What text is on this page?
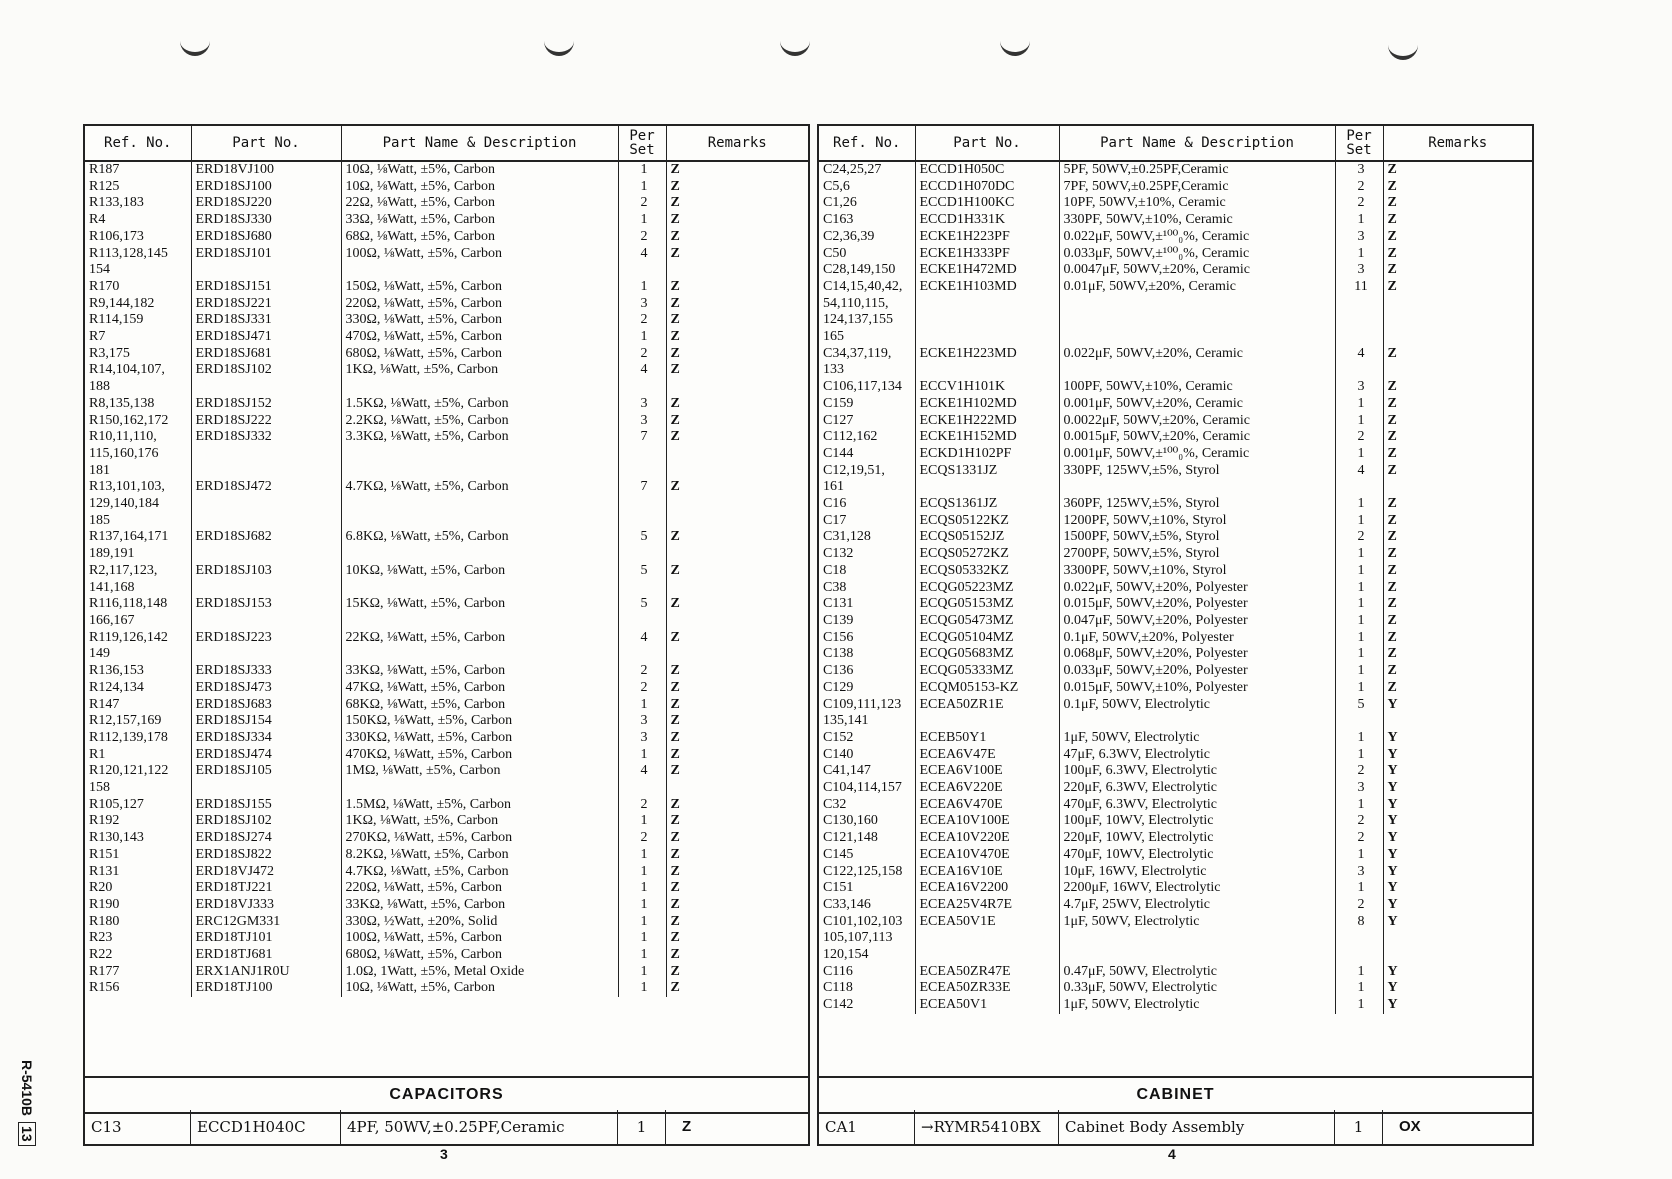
R-5410B13
Ref. No.	Part No.	Part Name & Description	Per
Set	Remarks
R187	ERD18VJ100	10Ω, ⅛Watt, ±5%, Carbon	1	Z
R125	ERD18SJ100	10Ω, ⅛Watt, ±5%, Carbon	1	Z
R133,183	ERD18SJ220	22Ω, ⅛Watt, ±5%, Carbon	2	Z
R4	ERD18SJ330	33Ω, ⅛Watt, ±5%, Carbon	1	Z
R106,173	ERD18SJ680	68Ω, ⅛Watt, ±5%, Carbon	2	Z
R113,128,145	ERD18SJ101	100Ω, ⅛Watt, ±5%, Carbon	4	Z
154				
R170	ERD18SJ151	150Ω, ⅛Watt, ±5%, Carbon	1	Z
R9,144,182	ERD18SJ221	220Ω, ⅛Watt, ±5%, Carbon	3	Z
R114,159	ERD18SJ331	330Ω, ⅛Watt, ±5%, Carbon	2	Z
R7	ERD18SJ471	470Ω, ⅛Watt, ±5%, Carbon	1	Z
R3,175	ERD18SJ681	680Ω, ⅛Watt, ±5%, Carbon	2	Z
R14,104,107,	ERD18SJ102	1KΩ, ⅛Watt, ±5%, Carbon	4	Z
188				
R8,135,138	ERD18SJ152	1.5KΩ, ⅛Watt, ±5%, Carbon	3	Z
R150,162,172	ERD18SJ222	2.2KΩ, ⅛Watt, ±5%, Carbon	3	Z
R10,11,110,	ERD18SJ332	3.3KΩ, ⅛Watt, ±5%, Carbon	7	Z
115,160,176				
181				
R13,101,103,	ERD18SJ472	4.7KΩ, ⅛Watt, ±5%, Carbon	7	Z
129,140,184				
185				
R137,164,171	ERD18SJ682	6.8KΩ, ⅛Watt, ±5%, Carbon	5	Z
189,191				
R2,117,123,	ERD18SJ103	10KΩ, ⅛Watt, ±5%, Carbon	5	Z
141,168				
R116,118,148	ERD18SJ153	15KΩ, ⅛Watt, ±5%, Carbon	5	Z
166,167				
R119,126,142	ERD18SJ223	22KΩ, ⅛Watt, ±5%, Carbon	4	Z
149				
R136,153	ERD18SJ333	33KΩ, ⅛Watt, ±5%, Carbon	2	Z
R124,134	ERD18SJ473	47KΩ, ⅛Watt, ±5%, Carbon	2	Z
R147	ERD18SJ683	68KΩ, ⅛Watt, ±5%, Carbon	1	Z
R12,157,169	ERD18SJ154	150KΩ, ⅛Watt, ±5%, Carbon	3	Z
R112,139,178	ERD18SJ334	330KΩ, ⅛Watt, ±5%, Carbon	3	Z
R1	ERD18SJ474	470KΩ, ⅛Watt, ±5%, Carbon	1	Z
R120,121,122	ERD18SJ105	1MΩ, ⅛Watt, ±5%, Carbon	4	Z
158				
R105,127	ERD18SJ155	1.5MΩ, ⅛Watt, ±5%, Carbon	2	Z
R192	ERD18SJ102	1KΩ, ⅛Watt, ±5%, Carbon	1	Z
R130,143	ERD18SJ274	270KΩ, ⅛Watt, ±5%, Carbon	2	Z
R151	ERD18SJ822	8.2KΩ, ⅛Watt, ±5%, Carbon	1	Z
R131	ERD18VJ472	4.7KΩ, ⅛Watt, ±5%, Carbon	1	Z
R20	ERD18TJ221	220Ω, ⅛Watt, ±5%, Carbon	1	Z
R190	ERD18VJ333	33KΩ, ⅛Watt, ±5%, Carbon	1	Z
R180	ERC12GM331	330Ω, ½Watt, ±20%, Solid	1	Z
R23	ERD18TJ101	100Ω, ⅛Watt, ±5%, Carbon	1	Z
R22	ERD18TJ681	680Ω, ⅛Watt, ±5%, Carbon	1	Z
R177	ERX1ANJ1R0U	1.0Ω, 1Watt, ±5%, Metal Oxide	1	Z
R156	ERD18TJ100	10Ω, ⅛Watt, ±5%, Carbon	1	Z
CAPACITORS
C13	ECCD1H040C	4PF, 50WV,±0.25PF,Ceramic	1	Z
Ref. No.	Part No.	Part Name & Description	Per
Set	Remarks
C24,25,27	ECCD1H050C	5PF, 50WV,±0.25PF,Ceramic	3	Z
C5,6	ECCD1H070DC	7PF, 50WV,±0.25PF,Ceramic	2	Z
C1,26	ECCD1H100KC	10PF, 50WV,±10%, Ceramic	2	Z
C163	ECCD1H331K	330PF, 50WV,±10%, Ceramic	1	Z
C2,36,39	ECKE1H223PF	0.022μF, 50WV,±¹⁰⁰₀%, Ceramic	3	Z
C50	ECKE1H333PF	0.033μF, 50WV,±¹⁰⁰₀%, Ceramic	1	Z
C28,149,150	ECKE1H472MD	0.0047μF, 50WV,±20%, Ceramic	3	Z
C14,15,40,42,	ECKE1H103MD	0.01μF, 50WV,±20%, Ceramic	11	Z
54,110,115,				
124,137,155				
165				
C34,37,119,	ECKE1H223MD	0.022μF, 50WV,±20%, Ceramic	4	Z
133				
C106,117,134	ECCV1H101K	100PF, 50WV,±10%, Ceramic	3	Z
C159	ECKE1H102MD	0.001μF, 50WV,±20%, Ceramic	1	Z
C127	ECKE1H222MD	0.0022μF, 50WV,±20%, Ceramic	1	Z
C112,162	ECKE1H152MD	0.0015μF, 50WV,±20%, Ceramic	2	Z
C144	ECKD1H102PF	0.001μF, 50WV,±¹⁰⁰₀%, Ceramic	1	Z
C12,19,51,	ECQS1331JZ	330PF, 125WV,±5%, Styrol	4	Z
161				
C16	ECQS1361JZ	360PF, 125WV,±5%, Styrol	1	Z
C17	ECQS05122KZ	1200PF, 50WV,±10%, Styrol	1	Z
C31,128	ECQS05152JZ	1500PF, 50WV,±5%, Styrol	2	Z
C132	ECQS05272KZ	2700PF, 50WV,±5%, Styrol	1	Z
C18	ECQS05332KZ	3300PF, 50WV,±10%, Styrol	1	Z
C38	ECQG05223MZ	0.022μF, 50WV,±20%, Polyester	1	Z
C131	ECQG05153MZ	0.015μF, 50WV,±20%, Polyester	1	Z
C139	ECQG05473MZ	0.047μF, 50WV,±20%, Polyester	1	Z
C156	ECQG05104MZ	0.1μF, 50WV,±20%, Polyester	1	Z
C138	ECQG05683MZ	0.068μF, 50WV,±20%, Polyester	1	Z
C136	ECQG05333MZ	0.033μF, 50WV,±20%, Polyester	1	Z
C129	ECQM05153-KZ	0.015μF, 50WV,±10%, Polyester	1	Z
C109,111,123	ECEA50ZR1E	0.1μF, 50WV, Electrolytic	5	Y
135,141				
C152	ECEB50Y1	1μF, 50WV, Electrolytic	1	Y
C140	ECEA6V47E	47μF, 6.3WV, Electrolytic	1	Y
C41,147	ECEA6V100E	100μF, 6.3WV, Electrolytic	2	Y
C104,114,157	ECEA6V220E	220μF, 6.3WV, Electrolytic	3	Y
C32	ECEA6V470E	470μF, 6.3WV, Electrolytic	1	Y
C130,160	ECEA10V100E	100μF, 10WV, Electrolytic	2	Y
C121,148	ECEA10V220E	220μF, 10WV, Electrolytic	2	Y
C145	ECEA10V470E	470μF, 10WV, Electrolytic	1	Y
C122,125,158	ECEA16V10E	10μF, 16WV, Electrolytic	3	Y
C151	ECEA16V2200	2200μF, 16WV, Electrolytic	1	Y
C33,146	ECEA25V4R7E	4.7μF, 25WV, Electrolytic	2	Y
C101,102,103	ECEA50V1E	1μF, 50WV, Electrolytic	8	Y
105,107,113				
120,154				
C116	ECEA50ZR47E	0.47μF, 50WV, Electrolytic	1	Y
C118	ECEA50ZR33E	0.33μF, 50WV, Electrolytic	1	Y
C142	ECEA50V1	1μF, 50WV, Electrolytic	1	Y
CABINET
CA1	→RYMR5410BX	Cabinet Body Assembly	1	OX
3	4
